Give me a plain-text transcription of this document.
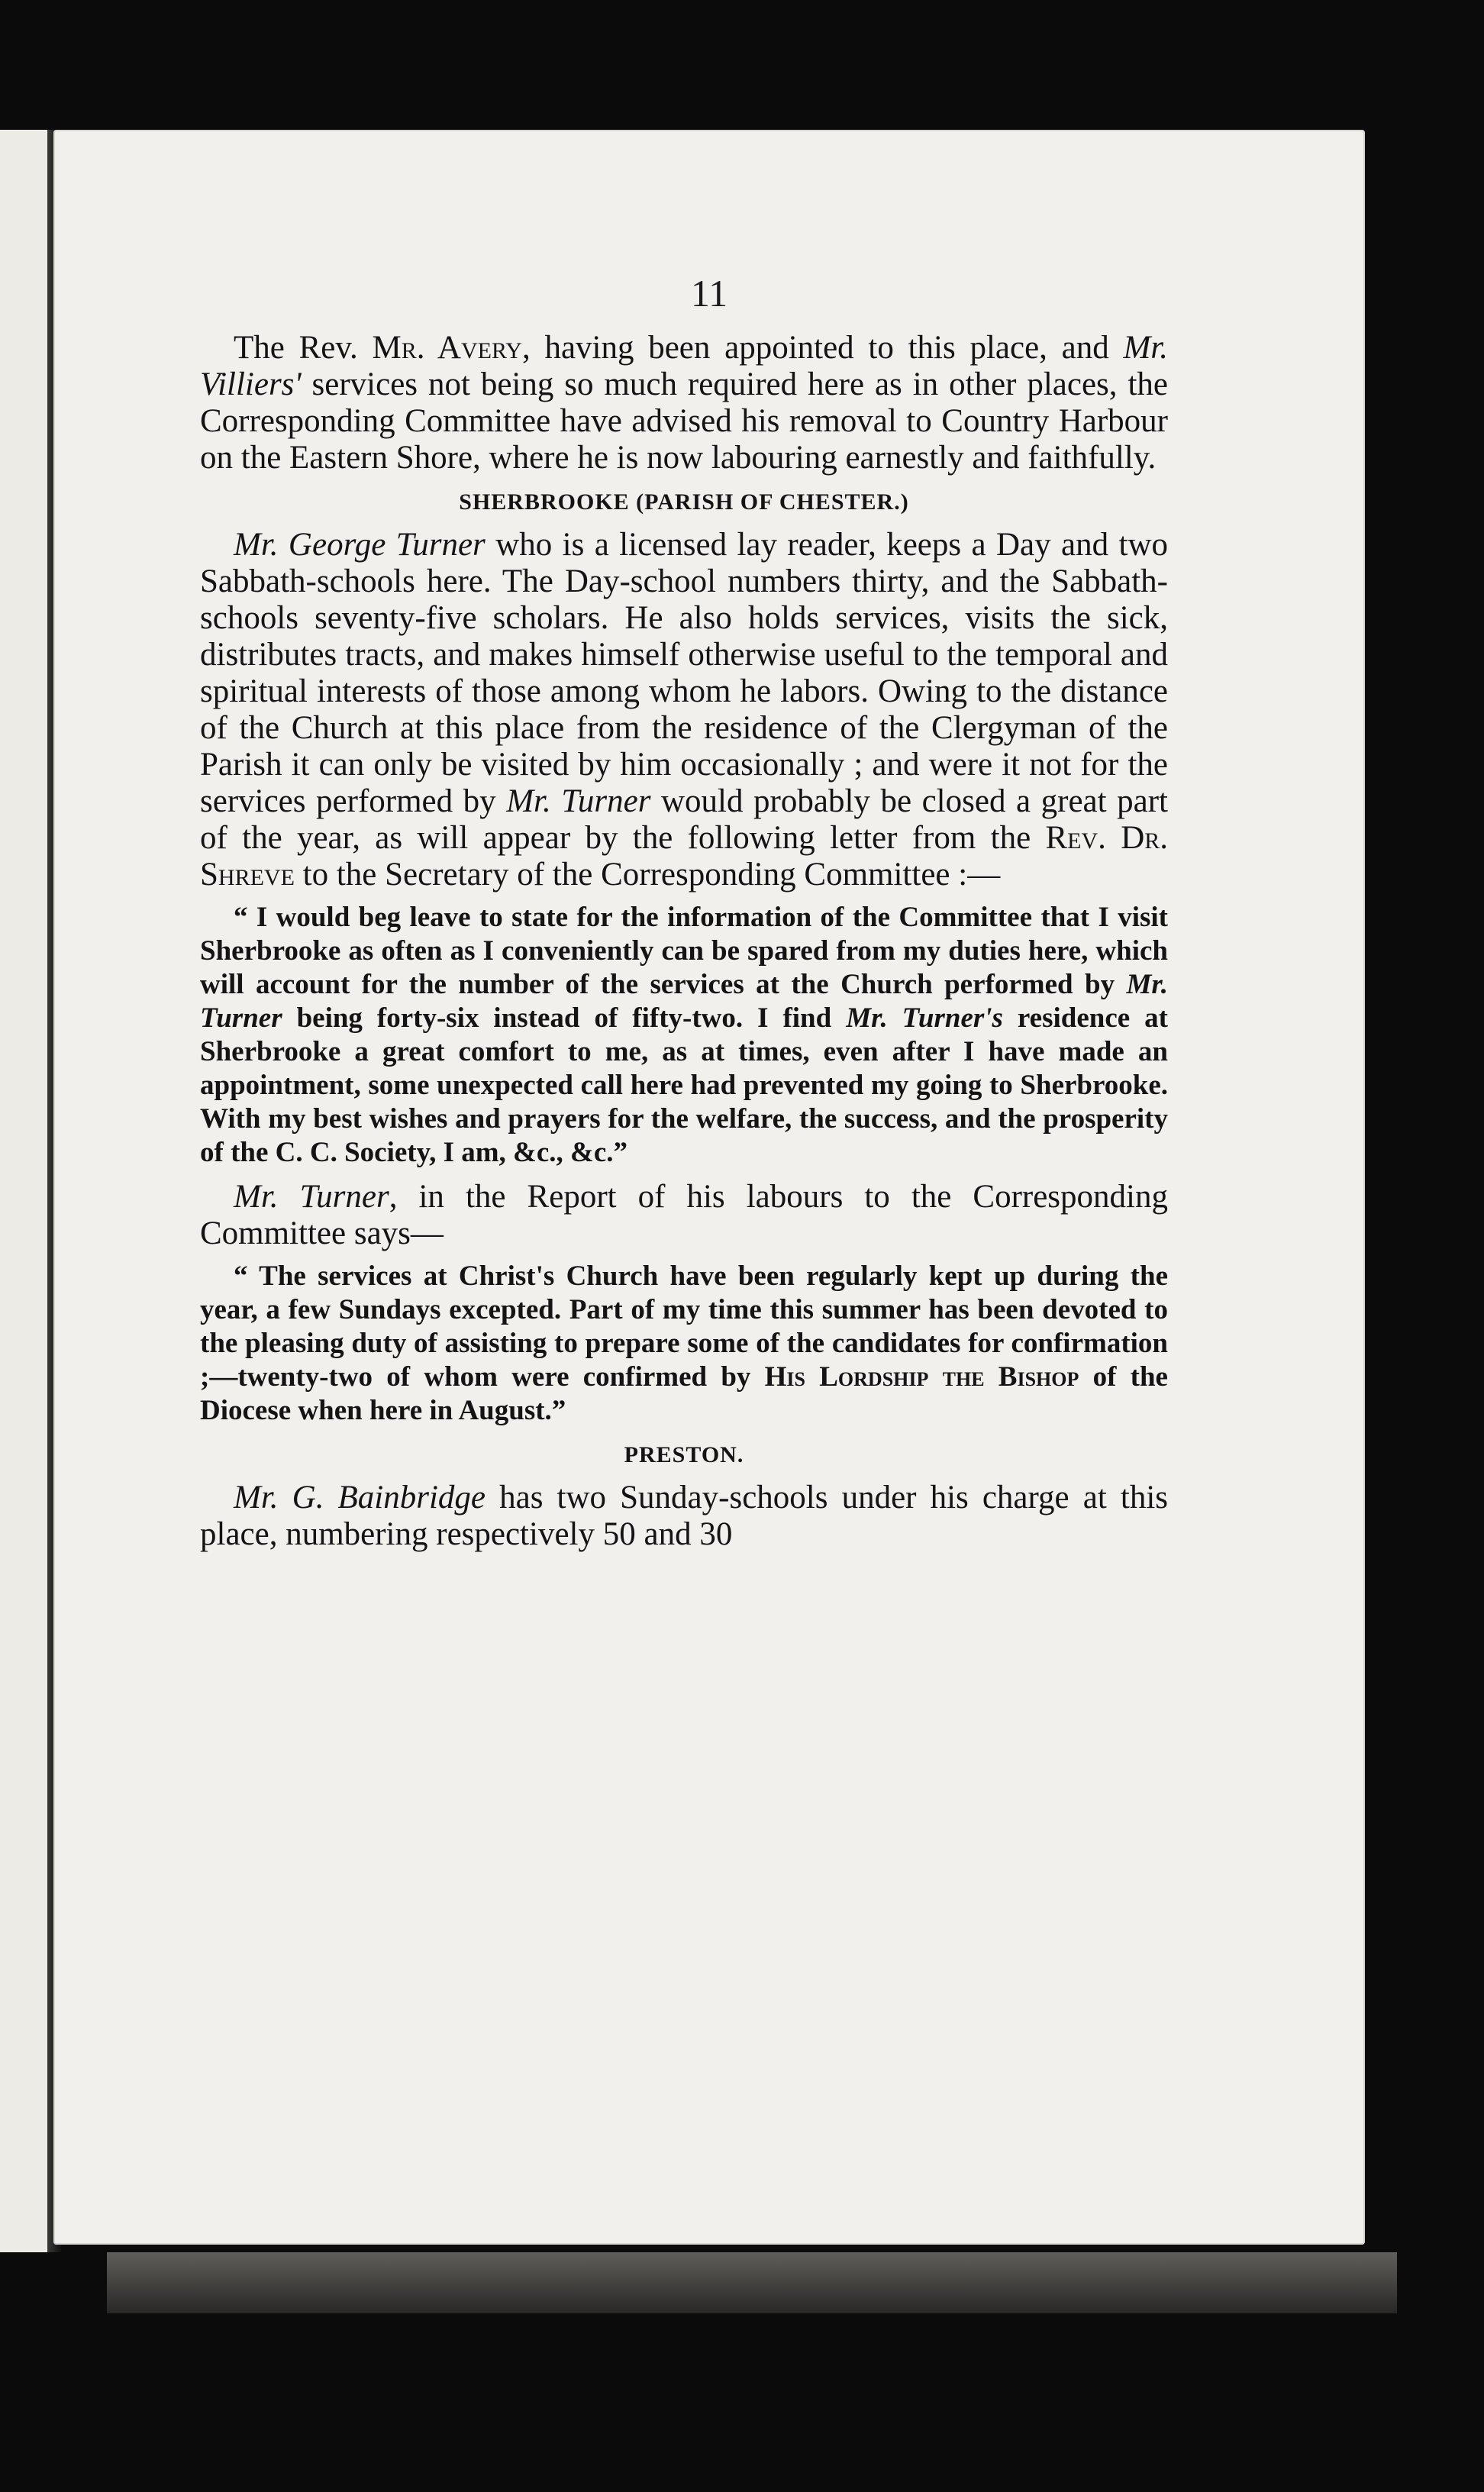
11

The Rev. Mr. Avery, having been appointed to this place, and Mr. Villiers' services not being so much required here as in other places, the Corresponding Committee have advised his removal to Country Harbour on the Eastern Shore, where he is now labouring earnestly and faithfully.

SHERBROOKE (PARISH OF CHESTER.)

Mr. George Turner who is a licensed lay reader, keeps a Day and two Sabbath-schools here. The Day-school numbers thirty, and the Sabbath-schools seventy-five scholars. He also holds services, visits the sick, distributes tracts, and makes himself otherwise useful to the temporal and spiritual interests of those among whom he labors. Owing to the distance of the Church at this place from the residence of the Clergyman of the Parish it can only be visited by him occasionally ; and were it not for the services performed by Mr. Turner would probably be closed a great part of the year, as will appear by the following letter from the Rev. Dr. Shreve to the Secretary of the Corresponding Committee :—

“ I would beg leave to state for the information of the Committee that I visit Sherbrooke as often as I conveniently can be spared from my duties here, which will account for the number of the services at the Church performed by Mr. Turner being forty-six instead of fifty-two. I find Mr. Turner's residence at Sherbrooke a great comfort to me, as at times, even after I have made an appointment, some unexpected call here had prevented my going to Sherbrooke. With my best wishes and prayers for the welfare, the success, and the prosperity of the C. C. Society, I am, &c., &c.”

Mr. Turner, in the Report of his labours to the Corresponding Committee says—

“ The services at Christ's Church have been regularly kept up during the year, a few Sundays excepted. Part of my time this summer has been devoted to the pleasing duty of assisting to prepare some of the candidates for confirmation ;—twenty-two of whom were confirmed by His Lordship the Bishop of the Diocese when here in August.”

PRESTON.

Mr. G. Bainbridge has two Sunday-schools under his charge at this place, numbering respectively 50 and 30
